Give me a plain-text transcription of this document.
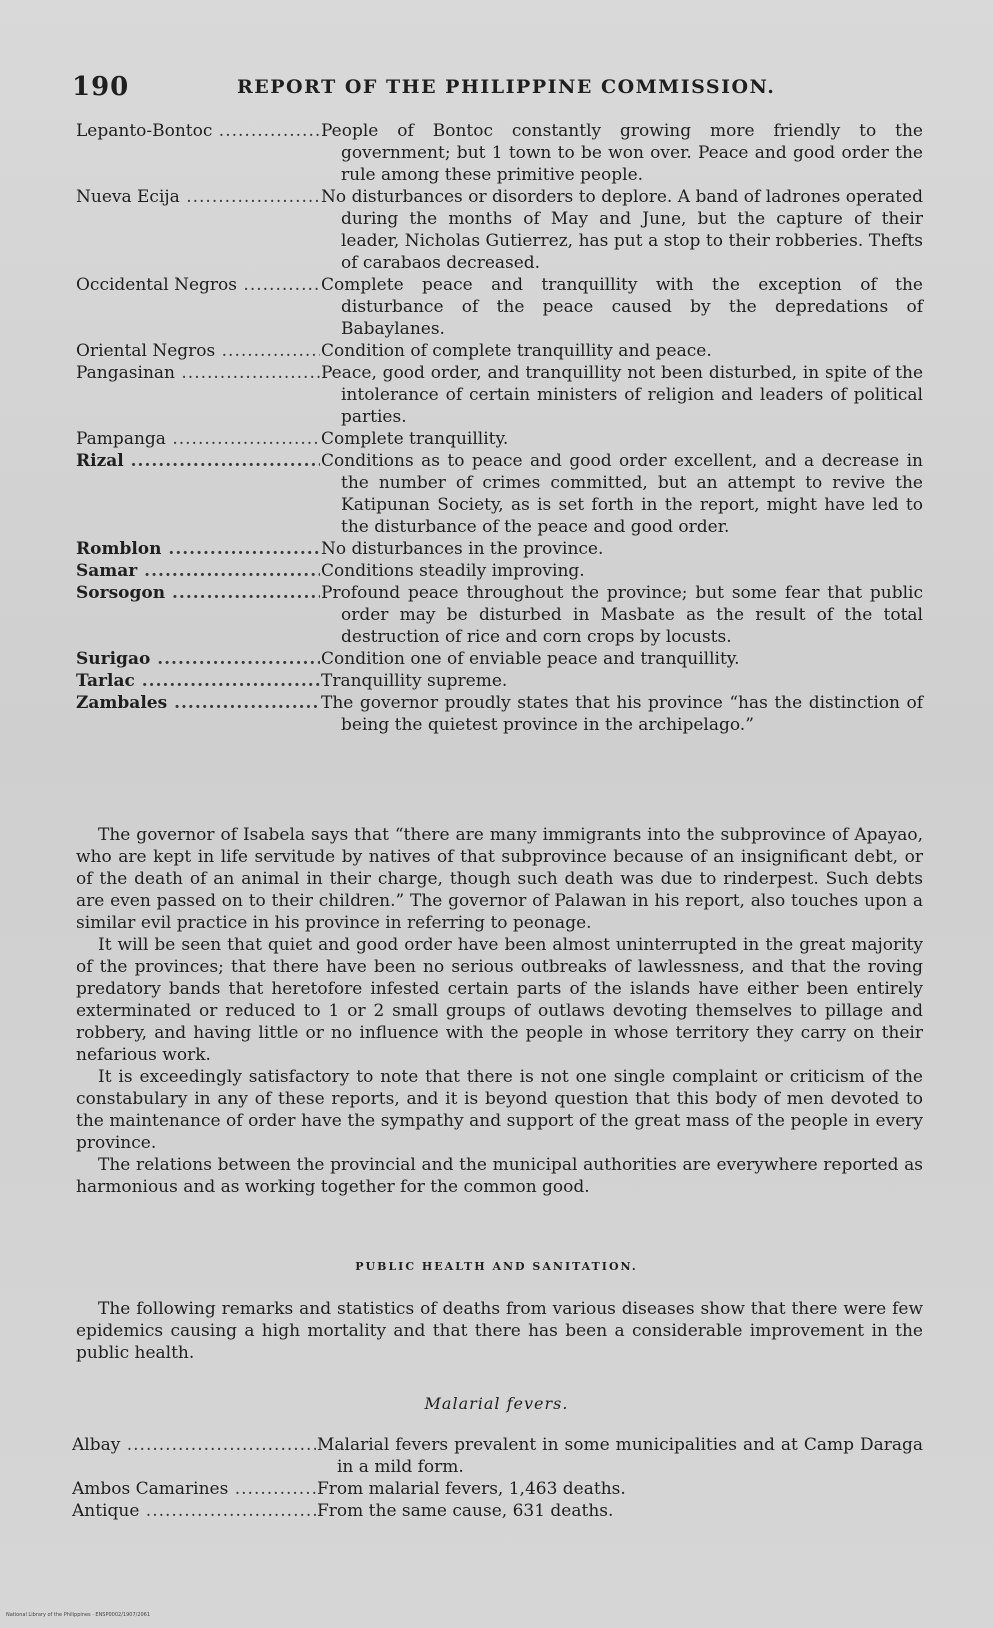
190	REPORT OF THE PHILIPPINE COMMISSION.
Lepanto-Bontoc .....	People of Bontoc constantly growing more friendly to the government; but 1 town to be won over. Peace and good order the rule among these primitive people.
Nueva Ecija .....	No disturbances or disorders to deplore. A band of ladrones operated during the months of May and June, but the capture of their leader, Nicholas Gutierrez, has put a stop to their robberies. Thefts of carabaos decreased.
Occidental Negros .....	Complete peace and tranquillity with the exception of the disturbance of the peace caused by the depredations of Babaylanes.
Oriental Negros .....	Condition of complete tranquillity and peace.
Pangasinan .....	Peace, good order, and tranquillity not been disturbed, in spite of the intolerance of certain ministers of religion and leaders of political parties.
Pampanga .....	Complete tranquillity.
Rizal .....	Conditions as to peace and good order excellent, and a decrease in the number of crimes committed, but an attempt to revive the Katipunan Society, as is set forth in the report, might have led to the disturbance of the peace and good order.
Romblon .....	No disturbances in the province.
Samar .....	Conditions steadily improving.
Sorsogon .....	Profound peace throughout the province; but some fear that public order may be disturbed in Masbate as the result of the total destruction of rice and corn crops by locusts.
Surigao .....	Condition one of enviable peace and tranquillity.
Tarlac .....	Tranquillity supreme.
Zambales .....	The governor proudly states that his province “has the distinction of being the quietest province in the archipelago.”

The governor of Isabela says that “there are many immigrants into the subprovince of Apayao, who are kept in life servitude by natives of that subprovince because of an insignificant debt, or of the death of an animal in their charge, though such death was due to rinderpest. Such debts are even passed on to their children.” The governor of Palawan in his report, also touches upon a similar evil practice in his province in referring to peonage.

It will be seen that quiet and good order have been almost uninterrupted in the great majority of the provinces; that there have been no serious outbreaks of lawlessness, and that the roving predatory bands that heretofore infested certain parts of the islands have either been entirely exterminated or reduced to 1 or 2 small groups of outlaws devoting themselves to pillage and robbery, and having little or no influence with the people in whose territory they carry on their nefarious work.

It is exceedingly satisfactory to note that there is not one single complaint or criticism of the constabulary in any of these reports, and it is beyond question that this body of men devoted to the maintenance of order have the sympathy and support of the great mass of the people in every province.

The relations between the provincial and the municipal authorities are everywhere reported as harmonious and as working together for the common good.

PUBLIC HEALTH AND SANITATION.

The following remarks and statistics of deaths from various diseases show that there were few epidemics causing a high mortality and that there has been a considerable improvement in the public health.

Malarial fevers.
Albay .....	Malarial fevers prevalent in some municipalities and at Camp Daraga in a mild form.
Ambos Camarines .....	From malarial fevers, 1,463 deaths.
Antique .....	From the same cause, 631 deaths.
National Library of the Philippines · ENSP0002/1907/2061
